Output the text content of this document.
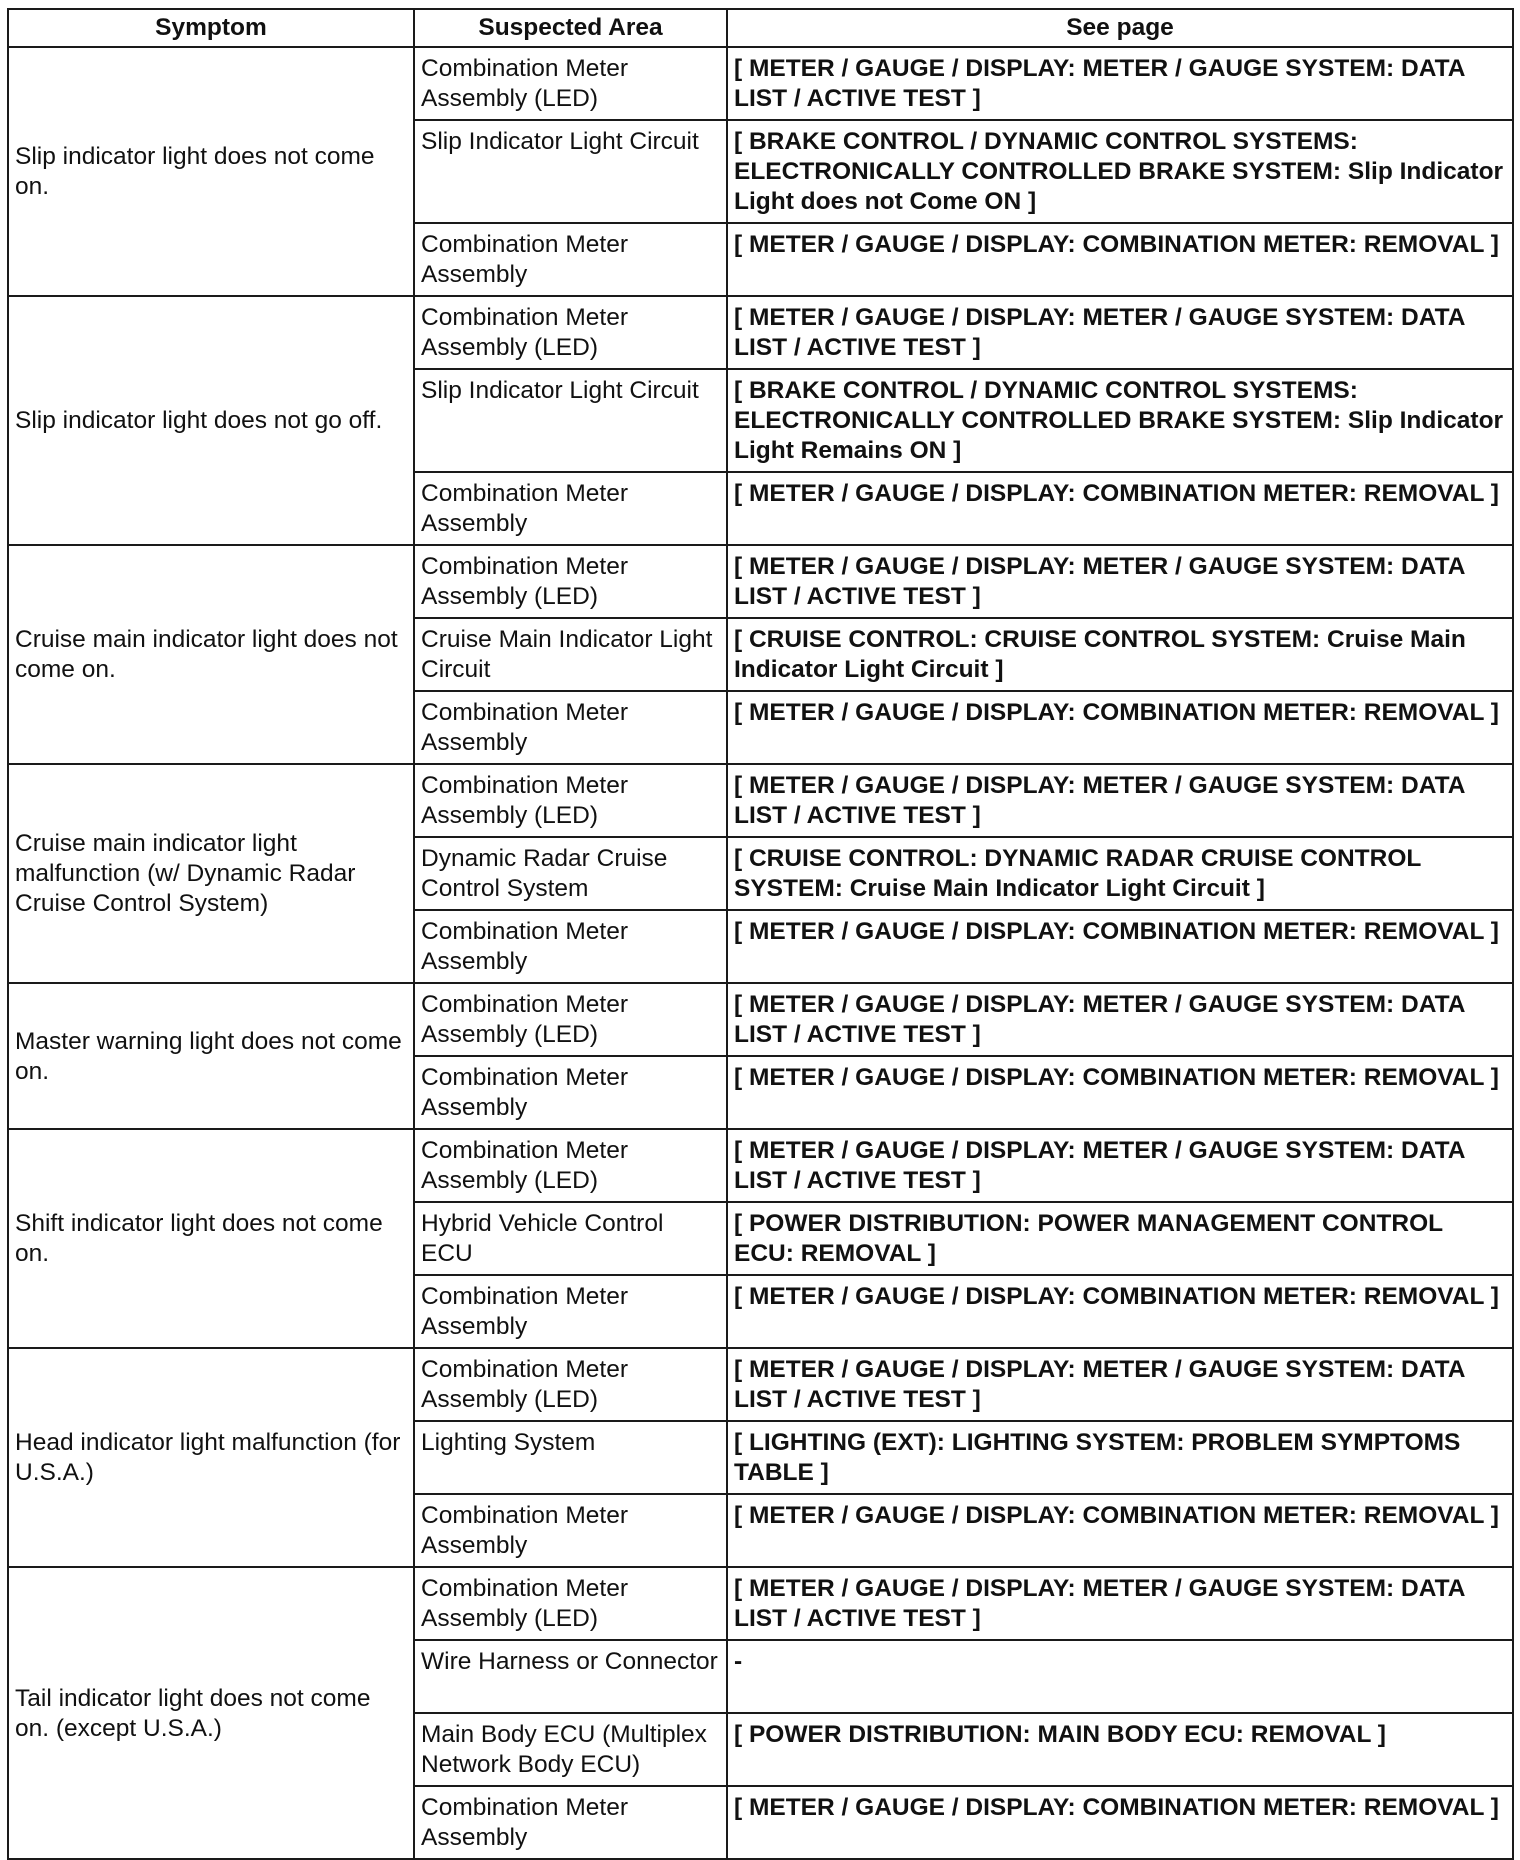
Symptom	Suspected Area	See page
Slip indicator light does not come on.	Combination Meter Assembly (LED)	[ METER / GAUGE / DISPLAY: METER / GAUGE SYSTEM: DATA LIST / ACTIVE TEST ]
	Slip Indicator Light Circuit	[ BRAKE CONTROL / DYNAMIC CONTROL SYSTEMS: ELECTRONICALLY CONTROLLED BRAKE SYSTEM: Slip Indicator Light does not Come ON ]
	Combination Meter Assembly	[ METER / GAUGE / DISPLAY: COMBINATION METER: REMOVAL ]
Slip indicator light does not go off.	Combination Meter Assembly (LED)	[ METER / GAUGE / DISPLAY: METER / GAUGE SYSTEM: DATA LIST / ACTIVE TEST ]
	Slip Indicator Light Circuit	[ BRAKE CONTROL / DYNAMIC CONTROL SYSTEMS: ELECTRONICALLY CONTROLLED BRAKE SYSTEM: Slip Indicator Light Remains ON ]
	Combination Meter Assembly	[ METER / GAUGE / DISPLAY: COMBINATION METER: REMOVAL ]
Cruise main indicator light does not come on.	Combination Meter Assembly (LED)	[ METER / GAUGE / DISPLAY: METER / GAUGE SYSTEM: DATA LIST / ACTIVE TEST ]
	Cruise Main Indicator Light Circuit	[ CRUISE CONTROL: CRUISE CONTROL SYSTEM: Cruise Main Indicator Light Circuit ]
	Combination Meter Assembly	[ METER / GAUGE / DISPLAY: COMBINATION METER: REMOVAL ]
Cruise main indicator light malfunction (w/ Dynamic Radar Cruise Control System)	Combination Meter Assembly (LED)	[ METER / GAUGE / DISPLAY: METER / GAUGE SYSTEM: DATA LIST / ACTIVE TEST ]
	Dynamic Radar Cruise Control System	[ CRUISE CONTROL: DYNAMIC RADAR CRUISE CONTROL SYSTEM: Cruise Main Indicator Light Circuit ]
	Combination Meter Assembly	[ METER / GAUGE / DISPLAY: COMBINATION METER: REMOVAL ]
Master warning light does not come on.	Combination Meter Assembly (LED)	[ METER / GAUGE / DISPLAY: METER / GAUGE SYSTEM: DATA LIST / ACTIVE TEST ]
	Combination Meter Assembly	[ METER / GAUGE / DISPLAY: COMBINATION METER: REMOVAL ]
Shift indicator light does not come on.	Combination Meter Assembly (LED)	[ METER / GAUGE / DISPLAY: METER / GAUGE SYSTEM: DATA LIST / ACTIVE TEST ]
	Hybrid Vehicle Control ECU	[ POWER DISTRIBUTION: POWER MANAGEMENT CONTROL ECU: REMOVAL ]
	Combination Meter Assembly	[ METER / GAUGE / DISPLAY: COMBINATION METER: REMOVAL ]
Head indicator light malfunction (for U.S.A.)	Combination Meter Assembly (LED)	[ METER / GAUGE / DISPLAY: METER / GAUGE SYSTEM: DATA LIST / ACTIVE TEST ]
	Lighting System	[ LIGHTING (EXT): LIGHTING SYSTEM: PROBLEM SYMPTOMS TABLE ]
	Combination Meter Assembly	[ METER / GAUGE / DISPLAY: COMBINATION METER: REMOVAL ]
Tail indicator light does not come on. (except U.S.A.)	Combination Meter Assembly (LED)	[ METER / GAUGE / DISPLAY: METER / GAUGE SYSTEM: DATA LIST / ACTIVE TEST ]
	Wire Harness or Connector	-
	Main Body ECU (Multiplex Network Body ECU)	[ POWER DISTRIBUTION: MAIN BODY ECU: REMOVAL ]
	Combination Meter Assembly	[ METER / GAUGE / DISPLAY: COMBINATION METER: REMOVAL ]
